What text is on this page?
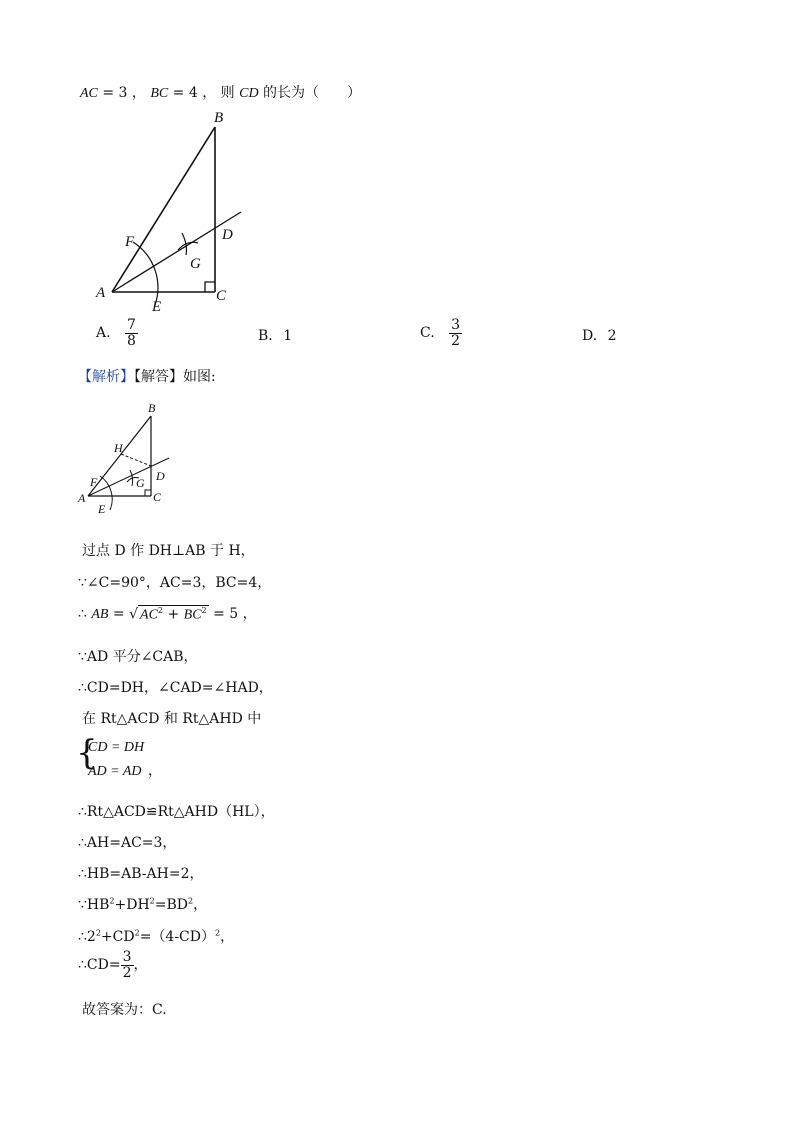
AC = 3 ， BC = 4 ， 则 CD 的长为（　　）
B
F
G
D
A
E
C
A. $\frac{7}{8}$	B. 1	C. $\frac{3}{2}$	D. 2
【解析】【解答】如图:
B
H
D
F	G
A	C
E
过点 D 作 DH⊥AB 于 H，
∵∠C=90°，AC=3，BC=4，
∴ AB = √ $AC^2 + BC^2 = 5$ ，
∵AD 平分∠CAB，
∴CD=DH，∠CAD=∠HAD，
在 Rt△ACD 和 Rt△AHD 中
{
CD = DH
AD = AD ，
∴Rt△ACD≌Rt△AHD（HL），
∴AH=AC=3，
∴HB=AB-AH=2，
$\because HB^2+DH^2=BD^2$，
$\therefore 2^2+CD^2=(4-CD)^2$，
∴CD= $\frac{3}{2}$ ，
故答案为：C.
